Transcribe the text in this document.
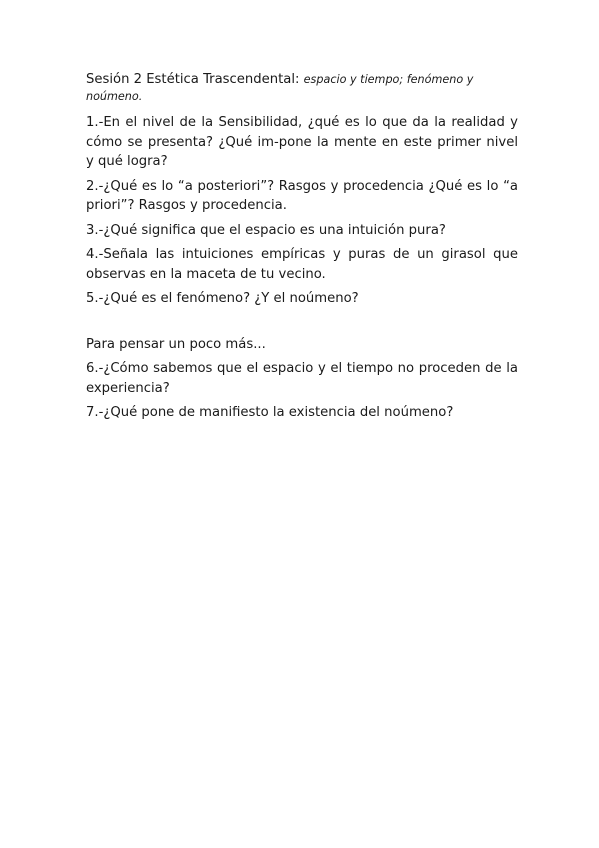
Sesión 2 Estética Trascendental: espacio y tiempo; fenómeno y noúmeno.

1.-En el nivel de la Sensibilidad, ¿qué es lo que da la realidad y cómo se presenta? ¿Qué im-pone la mente en este primer nivel y qué logra?

2.-¿Qué es lo “a posteriori”? Rasgos y procedencia ¿Qué es lo “a priori”? Rasgos y procedencia.

3.-¿Qué significa que el espacio es una intuición pura?

4.-Señala las intuiciones empíricas y puras de un girasol que observas en la maceta de tu vecino.

5.-¿Qué es el fenómeno? ¿Y el noúmeno?

Para pensar un poco más...

6.-¿Cómo sabemos que el espacio y el tiempo no proceden de la experiencia?

7.-¿Qué pone de manifiesto la existencia del noúmeno?
